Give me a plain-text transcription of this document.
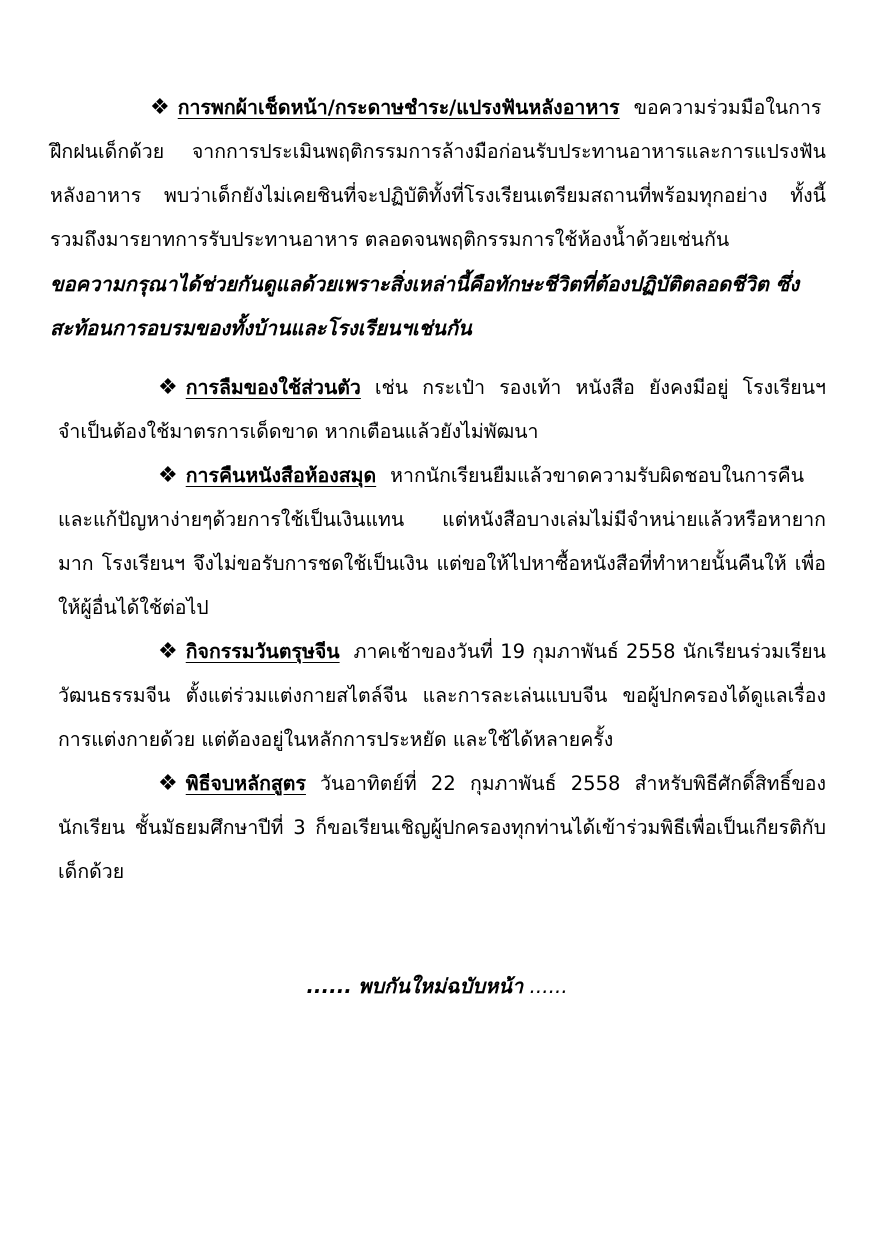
❖ การพกผ้าเช็ดหน้า/กระดาษชำระ/แปรงฟันหลังอาหาร ขอความร่วมมือในการฝึกฝนเด็กด้วย จากการประเมินพฤติกรรมการล้างมือก่อนรับประทานอาหารและการแปรงฟันหลังอาหาร พบว่าเด็กยังไม่เคยชินที่จะปฏิบัติทั้งที่โรงเรียนเตรียมสถานที่พร้อมทุกอย่าง ทั้งนี้รวมถึงมารยาทการรับประทานอาหาร ตลอดจนพฤติกรรมการใช้ห้องน้ำด้วยเช่นกัน

ขอความกรุณาได้ช่วยกันดูแลด้วยเพราะสิ่งเหล่านี้คือทักษะชีวิตที่ต้องปฏิบัติตลอดชีวิต ซึ่งสะท้อนการอบรมของทั้งบ้านและโรงเรียนฯเช่นกัน

❖ การลืมของใช้ส่วนตัว เช่น กระเป๋า รองเท้า หนังสือ ยังคงมีอยู่ โรงเรียนฯ จำเป็นต้องใช้มาตรการเด็ดขาด หากเตือนแล้วยังไม่พัฒนา

❖ การคืนหนังสือห้องสมุด หากนักเรียนยืมแล้วขาดความรับผิดชอบในการคืน และแก้ปัญหาง่ายๆด้วยการใช้เป็นเงินแทน แต่หนังสือบางเล่มไม่มีจำหน่ายแล้วหรือหายากมาก โรงเรียนฯ จึงไม่ขอรับการชดใช้เป็นเงิน แต่ขอให้ไปหาซื้อหนังสือที่ทำหายนั้นคืนให้ เพื่อให้ผู้อื่นได้ใช้ต่อไป

❖ กิจกรรมวันตรุษจีน ภาคเช้าของวันที่ 19 กุมภาพันธ์ 2558 นักเรียนร่วมเรียนวัฒนธรรมจีน ตั้งแต่ร่วมแต่งกายสไตล์จีน และการละเล่นแบบจีน ขอผู้ปกครองได้ดูแลเรื่องการแต่งกายด้วย แต่ต้องอยู่ในหลักการประหยัด และใช้ได้หลายครั้ง

❖ พิธีจบหลักสูตร วันอาทิตย์ที่ 22 กุมภาพันธ์ 2558 สำหรับพิธีศักดิ์สิทธิ์ของนักเรียน ชั้นมัธยมศึกษาปีที่ 3 ก็ขอเรียนเชิญผู้ปกครองทุกท่านได้เข้าร่วมพิธีเพื่อเป็นเกียรติกับเด็กด้วย

...... พบกันใหม่ฉบับหน้า ......
